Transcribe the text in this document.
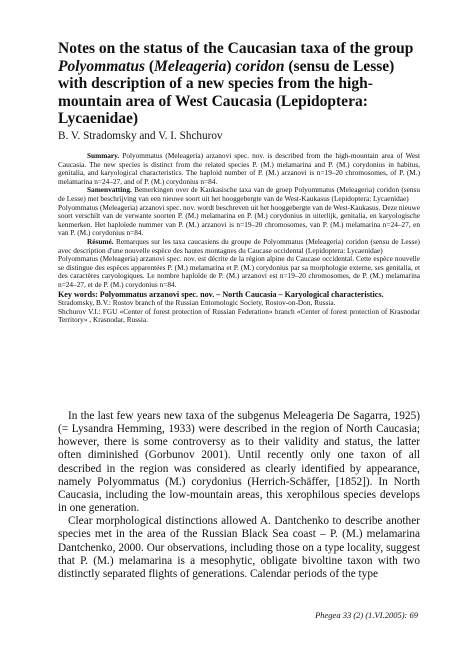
Notes on the status of the Caucasian taxa of the group Polyommatus (Meleageria) coridon (sensu de Lesse) with description of a new species from the high-mountain area of West Caucasia (Lepidoptera: Lycaenidae)
B. V. Stradomsky and V. I. Shchurov

Summary. Polyommatus (Meleageria) arzanovi spec. nov. is described from the high-mountain area of West Caucasia. The new species is distinct from the related species P. (M.) melamarina and P. (M.) corydonius in habitus, genitalia, and karyological characteristics. The haploid number of P. (M.) arzanovi is n=19–20 chromosomes, of P. (M.) melamarina n=24–27, and of P. (M.) corydonius n=84.

Samenvatting. Bemerkingen over de Kaukasische taxa van de groep Polyommatus (Meleageria) coridon (sensu de Lesse) met beschrijving van een nieuwe soort uit het hooggebergte van de West-Kaukasus (Lepidoptera: Lycaenidae)

Polyommatus (Meleageria) arzanovi spec. nov. wordt beschreven uit het hooggebergte van de West-Kaukasus. Deze nieuwe soort verschilt van de verwante soorten P. (M.) melamarina en P. (M.) corydonius in uiterlijk, genitalia, en karyologische kenmerken. Het haploïede nummer van P. (M.) arzanovi is n=19–20 chromosomes, van P. (M.) melamarina n=24–27, en van P. (M.) corydonius n=84.

Résumé. Remarques sur les taxa caucasiens du groupe de Polyommatus (Meleageria) coridon (sensu de Lesse) avec description d'une nouvelle espèce des hautes montagnes du Caucase occidental (Lepidoptera: Lycaenidae)

Polyommatus (Meleageria) arzanovi spec. nov. est décrite de la région alpine du Caucase occidental. Cette espèce nouvelle se distingue des espèces apparentées P. (M.) melamarina et P. (M.) corydonius par sa morphologie externe, ses genitalia, et des caractères caryologiques. Le nombre haploïde de P. (M.) arzanovi est n=19–20 chromosomes, de P. (M.) melamarina n=24–27, et de P. (M.) corydonius n=84.

Key words: Polyommatus arzanovi spec. nov. – North Caucasia – Karyological characteristics.

Stradomsky, B.V.: Rostov branch of the Russian Entomologic Society, Rostov-on-Don, Russia.

Shchurov V.I.: FGU «Center of forest protection of Russian Federation» branch «Center of forest protection of Krasnodar Territory» , Krasnodar, Russia.

In the last few years new taxa of the subgenus Meleageria De Sagarra, 1925) (= Lysandra Hemming, 1933) were described in the region of North Caucasia; however, there is some controversy as to their validity and status, the latter often diminished (Gorbunov 2001). Until recently only one taxon of all described in the region was considered as clearly identified by appearance, namely Polyommatus (M.) corydonius (Herrich-Schäffer, [1852]). In North Caucasia, including the low-mountain areas, this xerophilous species develops in one generation.

Clear morphological distinctions allowed A. Dantchenko to describe another species met in the area of the Russian Black Sea coast – P. (M.) melamarina Dantchenko, 2000. Our observations, including those on a type locality, suggest that P. (M.) melamarina is a mesophytic, obligate bivoltine taxon with two distinctly separated flights of generations. Calendar periods of the type

Phegea 33 (2) (1.VI.2005): 69
